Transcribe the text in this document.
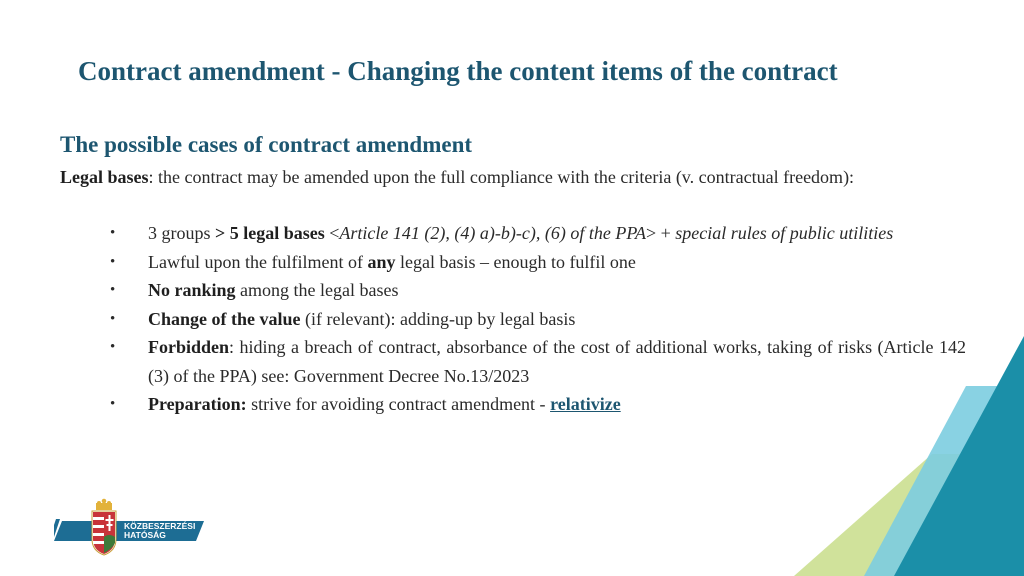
Contract amendment - Changing the content items of the contract
The possible cases of contract amendment
Legal bases: the contract may be amended upon the full compliance with the criteria (v. contractual freedom):
•	3 groups > 5 legal bases <Article 141 (2), (4) a)-b)-c), (6) of the PPA> + special rules of public utilities
•	Lawful upon the fulfilment of any legal basis – enough to fulfil one
•	No ranking among the legal bases
•	Change of the value (if relevant): adding-up by legal basis
•	Forbidden: hiding a breach of contract, absorbance of the cost of additional works, taking of risks (Article 142 (3) of the PPA) see: Government Decree No.13/2023
•	Preparation: strive for avoiding contract amendment - relativize
KÖZBESZERZÉSI
HATÓSÁG
